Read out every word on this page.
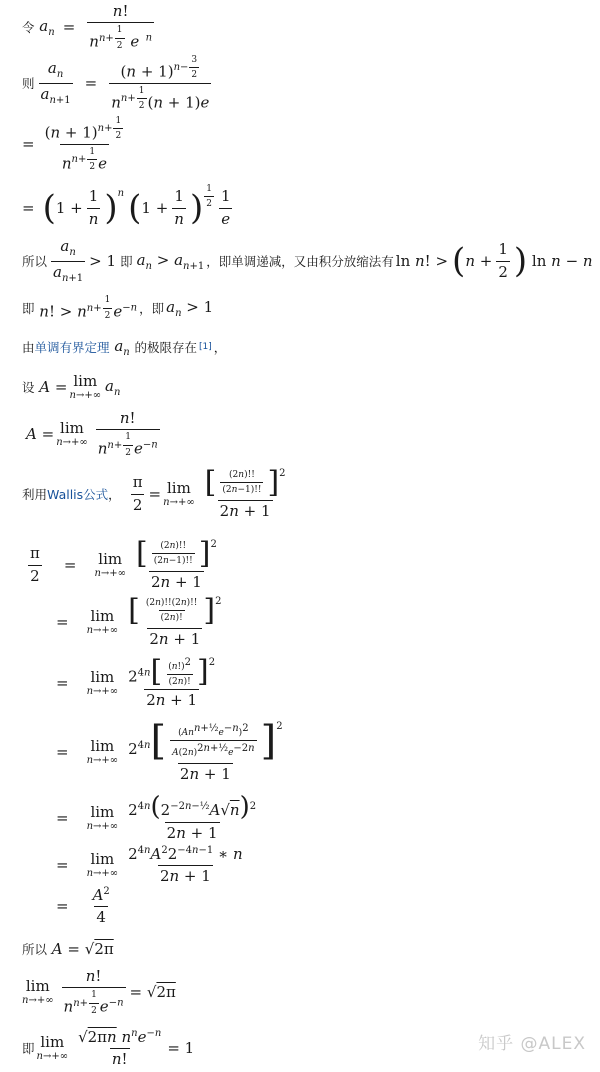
令 $a_n = n$!
$n^{n+ \frac{1}{2}}$ e $^n$
则 $\frac{a_n}{a_{n+1}} = (n + 1)^{n- \frac{3}{2}}$
$n^{n+ \frac{1}{2}}$ (n + 1)e
= $(n + 1)^{n+ \frac{1}{2}}$
$n^{n+ \frac{1}{2}}$ e
= ( $1 + \frac{1}{n}$ ) $^n$ ( $1 + \frac{1}{n}$ ) $^{\frac{1}{2}} \frac{1}{e}$
所以 $\frac{a_n}{a_{n+1}} > 1$ 即 $a_n > a_{n+1}$ ，即单调递减，又由积分放缩法有 ln n! > ( $n + \frac{1}{2}$ ) ln n − n
即 n! > $n^{n+ \frac{1}{2}}$ $e^{-n}$ ，即 $a_n > 1$
由 单调有界定理 $a_n$ 的极限存在 [1] ，
设 A = lim
n→+∞
$a_n$
A = lim
n→+∞ n!
$n^{n+ \frac{1}{2}}$ $e^{-n}$
利用 Wallis公式 ， $\frac{\pi}{2} = \lim$
$n\to+\infty \frac{[ \frac{(2n)!!}{(2n-1)!!} ] ^2}{2n + 1}$
$\frac{\pi}{2} = \lim$
$n\to+\infty \frac{[ \frac{(2n)!!}{(2n-1)!!} ] ^2}{2n + 1}$
= lim
$n\to+\infty \frac{[ \frac{(2n)!!(2n)!!}{(2n)!} ] ^2}{2n + 1}$
= lim
$n\to+\infty \frac{2^{4n} [ \frac{(n!)^2}{(2n)!} ] ^2}{2n + 1}$
= lim
$n\to+\infty \frac{2^{4n} [ \frac{(An^{n+\frac{1}{2}}e^{-n})^2}{A(2n)^{2n+\frac{1}{2}}e^{-2n}} ] ^2}{2n + 1}$
= lim
$n\to+\infty \frac{2^{4n}(2^{-2n-\frac{1}{2}}A√n)^2}{2n + 1}$
= lim
$n\to+\infty \frac{2^{4n}A^22^{-4n-1} ∗ n}{2n + 1}$
= $\frac{A^2}{4}$
所以 A = √2π
lim
n→+∞ n!
$n^{n+ \frac{1}{2}}$ $e^{-n} = √2\pi$
即 lim
$n\to+\infty \frac{√2\pi n n^ne^{-n}}{n!} = 1$	知乎 @ALEX
